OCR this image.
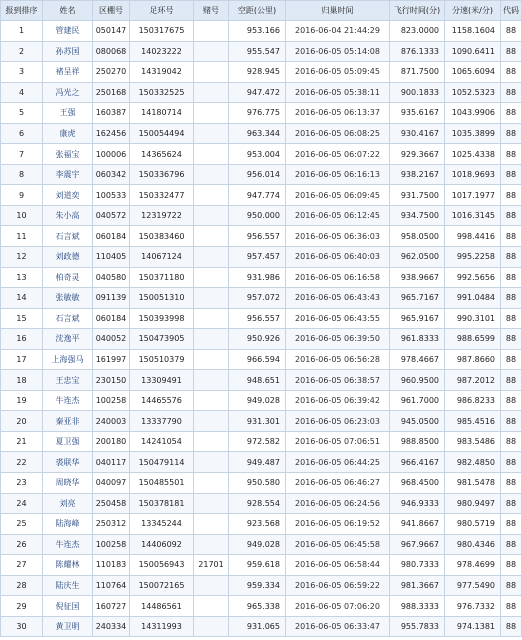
报到排序	姓名	区棚号	足环号	赌号	空距(公里)	归巢时间	飞行时间(分)	分速(米/分)	代码
1	管建民	050147	150317675		953.166	2016-06-04 21:44:29	823.0000	1158.1604	88
2	孙苏国	080068	14023222		955.547	2016-06-05 05:14:08	876.1333	1090.6411	88
3	褚呈祥	250270	14319042		928.945	2016-06-05 05:09:45	871.7500	1065.6094	88
4	冯光之	250168	150332525		947.472	2016-06-05 05:38:11	900.1833	1052.5323	88
5	王强	160387	14180714		976.775	2016-06-05 06:13:37	935.6167	1043.9906	88
6	康虎	162456	150054494		963.344	2016-06-05 06:08:25	930.4167	1035.3899	88
7	张福宝	100006	14365624		953.004	2016-06-05 06:07:22	929.3667	1025.4338	88
8	李震宇	060342	150336796		956.014	2016-06-05 06:16:13	938.2167	1018.9693	88
9	刘道奕	100533	150332477		947.774	2016-06-05 06:09:45	931.7500	1017.1977	88
10	朱小高	040572	12319722		950.000	2016-06-05 06:12:45	934.7500	1016.3145	88
11	石言斌	060184	150383460		956.557	2016-06-05 06:36:03	958.0500	998.4416	88
12	刘政德	110405	14067124		957.457	2016-06-05 06:40:03	962.0500	995.2258	88
13	柏奇灵	040580	150371180		931.986	2016-06-05 06:16:58	938.9667	992.5656	88
14	张敏敏	091139	150051310		957.072	2016-06-05 06:43:43	965.7167	991.0484	88
15	石言斌	060184	150393998		956.557	2016-06-05 06:43:55	965.9167	990.3101	88
16	沈逸平	040052	150473905		950.926	2016-06-05 06:39:50	961.8333	988.6599	88
17	上海强马	161997	150510379		966.594	2016-06-05 06:56:28	978.4667	987.8660	88
18	王忠宝	230150	13309491		948.651	2016-06-05 06:38:57	960.9500	987.2012	88
19	牛连杰	100258	14465576		949.028	2016-06-05 06:39:42	961.7000	986.8233	88
20	秦亚非	240003	13337790		931.301	2016-06-05 06:23:03	945.0500	985.4516	88
21	夏卫强	200180	14241054		972.582	2016-06-05 07:06:51	988.8500	983.5486	88
22	裘联华	040117	150479114		949.487	2016-06-05 06:44:25	966.4167	982.4850	88
23	周晓华	040097	150485501		950.580	2016-06-05 06:46:27	968.4500	981.5478	88
24	刘亮	250458	150378181		928.554	2016-06-05 06:24:56	946.9333	980.9497	88
25	陆海峰	250312	13345244		923.568	2016-06-05 06:19:52	941.8667	980.5719	88
26	牛连杰	100258	14406092		949.028	2016-06-05 06:45:58	967.9667	980.4346	88
27	陈耀林	110183	150056943	21701	959.618	2016-06-05 06:58:44	980.7333	978.4699	88
28	陆庆生	110764	150072165		959.334	2016-06-05 06:59:22	981.3667	977.5490	88
29	倪征国	160727	14486561		965.338	2016-06-05 07:06:20	988.3333	976.7332	88
30	黄卫明	240334	14311993		931.065	2016-06-05 06:33:47	955.7833	974.1381	88
